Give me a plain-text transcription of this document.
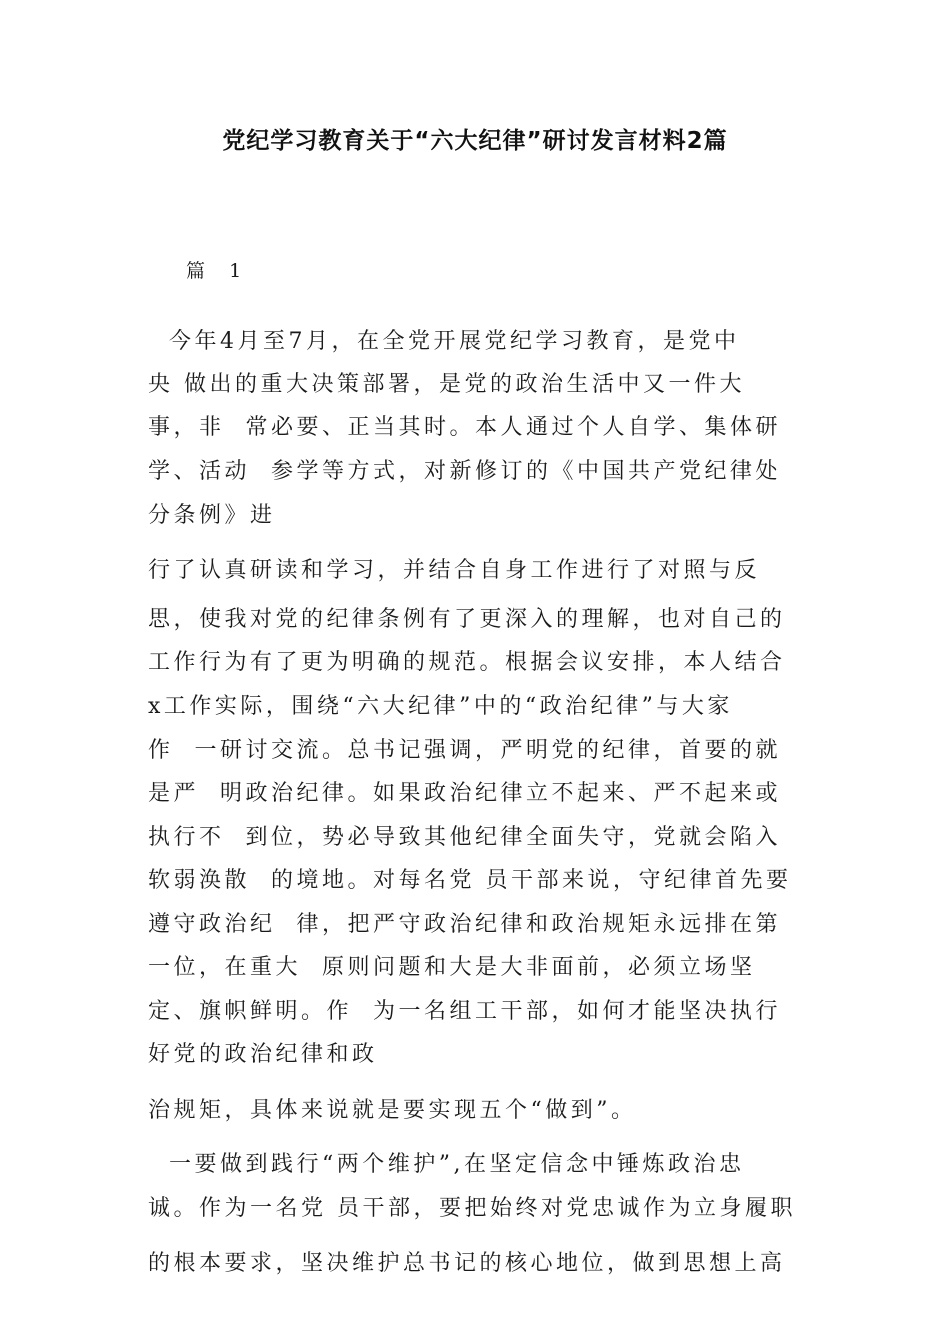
党纪学习教育关于“六大纪律”研讨发言材料2篇
篇  1
今年4月至7月，在全党开展党纪学习教育，是党中
央 做出的重大决策部署，是党的政治生活中又一件大
事，非  常必要、正当其时。本人通过个人自学、集体研
学、活动  参学等方式，对新修订的《中国共产党纪律处
分条例》进
行了认真研读和学习，并结合自身工作进行了对照与反
思，使我对党的纪律条例有了更深入的理解，也对自己的
工作行为有了更为明确的规范。根据会议安排，本人结合
x工作实际，围绕“六大纪律”中的“政治纪律”与大家
作  一研讨交流。总书记强调，严明党的纪律，首要的就
是严  明政治纪律。如果政治纪律立不起来、严不起来或
执行不  到位，势必导致其他纪律全面失守，党就会陷入
软弱涣散  的境地。对每名党 员干部来说，守纪律首先要
遵守政治纪  律，把严守政治纪律和政治规矩永远排在第
一位，在重大  原则问题和大是大非面前，必须立场坚
定、旗帜鲜明。作  为一名组工干部，如何才能坚决执行
好党的政治纪律和政
治规矩，具体来说就是要实现五个“做到”。
一要做到践行“两个维护”,在坚定信念中锤炼政治忠
诚。作为一名党 员干部，要把始终对党忠诚作为立身履职
的根本要求，坚决维护总书记的核心地位，做到思想上高
